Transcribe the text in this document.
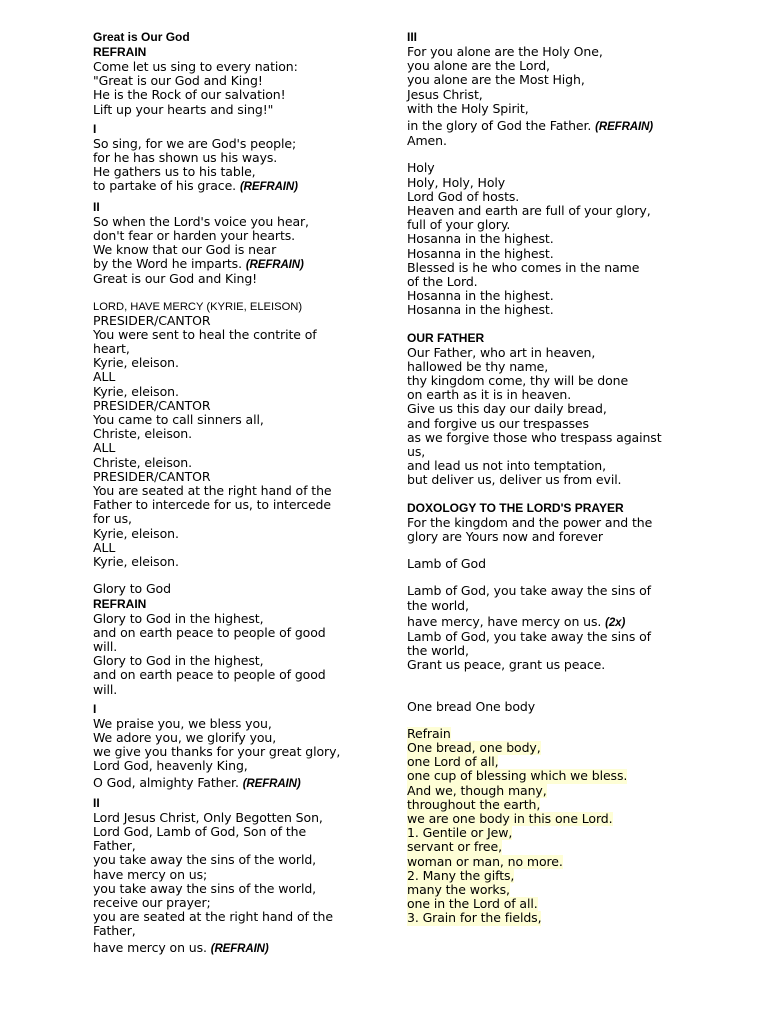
Great is Our God
REFRAIN
Come let us sing to every nation:
"Great is our God and King!
He is the Rock of our salvation!
Lift up your hearts and sing!"
I
So sing, for we are God's people;
for he has shown us his ways.
He gathers us to his table,
to partake of his grace. (REFRAIN)
II
So when the Lord's voice you hear,
don't fear or harden your hearts.
We know that our God is near
by the Word he imparts. (REFRAIN)
Great is our God and King!
LORD, HAVE MERCY (KYRIE, ELEISON)
PRESIDER/CANTOR
You were sent to heal the contrite of
heart,
Kyrie, eleison.
ALL
Kyrie, eleison.
PRESIDER/CANTOR
You came to call sinners all,
Christe, eleison.
ALL
Christe, eleison.
PRESIDER/CANTOR
You are seated at the right hand of the
Father to intercede for us, to intercede
for us,
Kyrie, eleison.
ALL
Kyrie, eleison.
Glory to God
REFRAIN
Glory to God in the highest,
and on earth peace to people of good
will.
Glory to God in the highest,
and on earth peace to people of good
will.
I
We praise you, we bless you,
We adore you, we glorify you,
we give you thanks for your great glory,
Lord God, heavenly King,
O God, almighty Father. (REFRAIN)
II
Lord Jesus Christ, Only Begotten Son,
Lord God, Lamb of God, Son of the
Father,
you take away the sins of the world,
have mercy on us;
you take away the sins of the world,
receive our prayer;
you are seated at the right hand of the
Father,
have mercy on us. (REFRAIN)
III
For you alone are the Holy One,
you alone are the Lord,
you alone are the Most High,
Jesus Christ,
with the Holy Spirit,
in the glory of God the Father. (REFRAIN)
Amen.
Holy
Holy, Holy, Holy
Lord God of hosts.
Heaven and earth are full of your glory,
full of your glory.
Hosanna in the highest.
Hosanna in the highest.
Blessed is he who comes in the name
of the Lord.
Hosanna in the highest.
Hosanna in the highest.
OUR FATHER
Our Father, who art in heaven,
hallowed be thy name,
thy kingdom come, thy will be done
on earth as it is in heaven.
Give us this day our daily bread,
and forgive us our trespasses
as we forgive those who trespass against
us,
and lead us not into temptation,
but deliver us, deliver us from evil.
DOXOLOGY TO THE LORD'S PRAYER
For the kingdom and the power and the
glory are Yours now and forever
Lamb of God
Lamb of God, you take away the sins of
the world,
have mercy, have mercy on us. (2x)
Lamb of God, you take away the sins of
the world,
Grant us peace, grant us peace.
One bread One body
Refrain
One bread, one body,
one Lord of all,
one cup of blessing which we bless.
And we, though many,
throughout the earth,
we are one body in this one Lord.
1. Gentile or Jew,
servant or free,
woman or man, no more.
2. Many the gifts,
many the works,
one in the Lord of all.
3. Grain for the fields,
